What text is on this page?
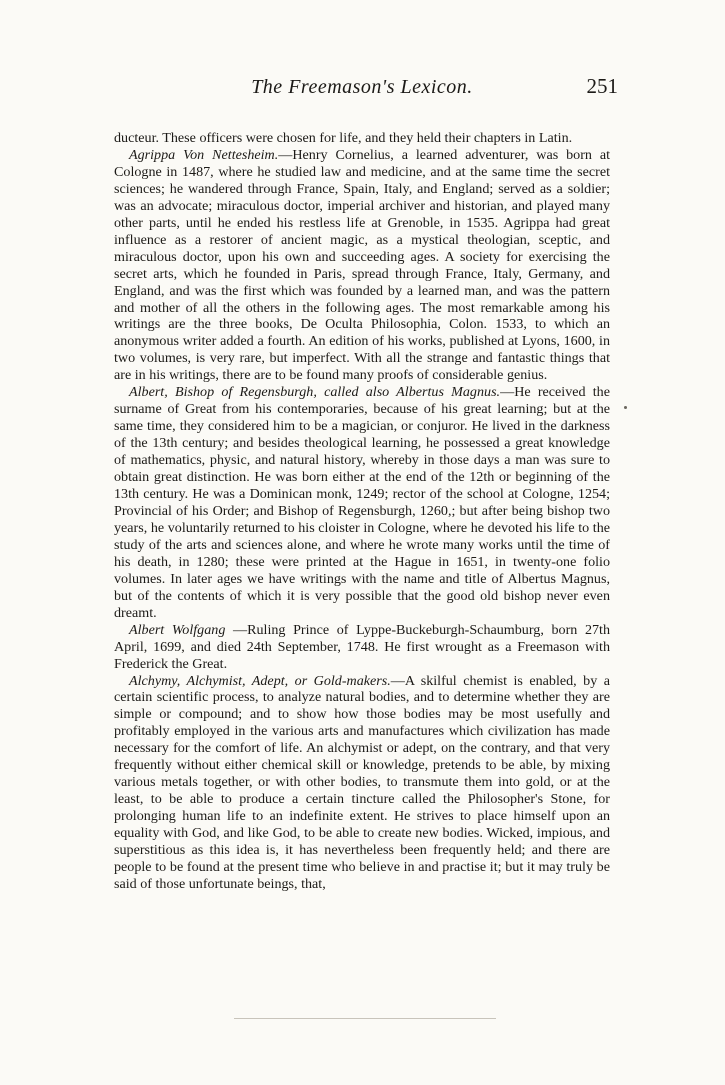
The Freemason's Lexicon.	251

ducteur. These officers were chosen for life, and they held their chapters in Latin.

Agrippa Von Nettesheim.—Henry Cornelius, a learned adventurer, was born at Cologne in 1487, where he studied law and medicine, and at the same time the secret sciences; he wandered through France, Spain, Italy, and England; served as a soldier; was an advocate; miraculous doctor, imperial archiver and historian, and played many other parts, until he ended his restless life at Grenoble, in 1535. Agrippa had great influence as a restorer of ancient magic, as a mystical theologian, sceptic, and miraculous doctor, upon his own and succeeding ages. A society for exercising the secret arts, which he founded in Paris, spread through France, Italy, Germany, and England, and was the first which was founded by a learned man, and was the pattern and mother of all the others in the following ages. The most remarkable among his writings are the three books, De Oculta Philosophia, Colon. 1533, to which an anonymous writer added a fourth. An edition of his works, published at Lyons, 1600, in two volumes, is very rare, but imperfect. With all the strange and fantastic things that are in his writings, there are to be found many proofs of considerable genius.

Albert, Bishop of Regensburgh, called also Albertus Magnus.—He received the surname of Great from his contemporaries, because of his great learning; but at the same time, they considered him to be a magician, or conjuror. He lived in the darkness of the 13th century; and besides theological learning, he possessed a great knowledge of mathematics, physic, and natural history, whereby in those days a man was sure to obtain great distinction. He was born either at the end of the 12th or beginning of the 13th century. He was a Dominican monk, 1249; rector of the school at Cologne, 1254; Provincial of his Order; and Bishop of Regensburgh, 1260,; but after being bishop two years, he voluntarily returned to his cloister in Cologne, where he devoted his life to the study of the arts and sciences alone, and where he wrote many works until the time of his death, in 1280; these were printed at the Hague in 1651, in twenty-one folio volumes. In later ages we have writings with the name and title of Albertus Magnus, but of the contents of which it is very possible that the good old bishop never even dreamt.

Albert Wolfgang —Ruling Prince of Lyppe-Buckeburgh-Schaumburg, born 27th April, 1699, and died 24th September, 1748. He first wrought as a Freemason with Frederick the Great.

Alchymy, Alchymist, Adept, or Gold-makers.—A skilful chemist is enabled, by a certain scientific process, to analyze natural bodies, and to determine whether they are simple or compound; and to show how those bodies may be most usefully and profitably employed in the various arts and manufactures which civilization has made necessary for the comfort of life. An alchymist or adept, on the contrary, and that very frequently without either chemical skill or knowledge, pretends to be able, by mixing various metals together, or with other bodies, to transmute them into gold, or at the least, to be able to produce a certain tincture called the Philosopher's Stone, for prolonging human life to an indefinite extent. He strives to place himself upon an equality with God, and like God, to be able to create new bodies. Wicked, impious, and superstitious as this idea is, it has nevertheless been frequently held; and there are people to be found at the present time who believe in and practise it; but it may truly be said of those unfortunate beings, that,
